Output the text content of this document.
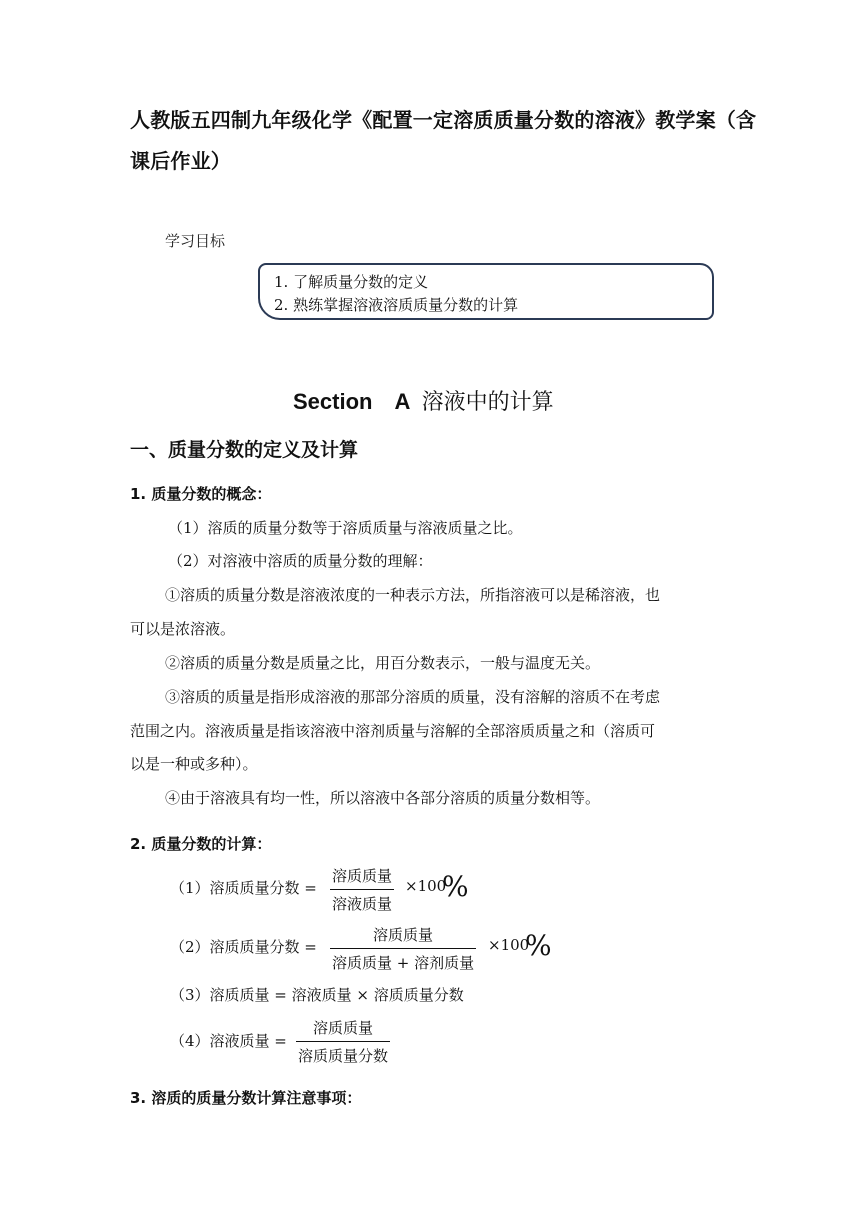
人教版五四制九年级化学《配置一定溶质质量分数的溶液》教学案（含
课后作业）
学习目标
1. 了解质量分数的定义
2. 熟练掌握溶液溶质质量分数的计算
Section　A 溶液中的计算
一、质量分数的定义及计算
1. 质量分数的概念：
（1）溶质的质量分数等于溶质质量与溶液质量之比。
（2）对溶液中溶质的质量分数的理解：
①溶质的质量分数是溶液浓度的一种表示方法，所指溶液可以是稀溶液，也
可以是浓溶液。
②溶质的质量分数是质量之比，用百分数表示，一般与温度无关。
③溶质的质量是指形成溶液的那部分溶质的质量，没有溶解的溶质不在考虑
范围之内。溶液质量是指该溶液中溶剂质量与溶解的全部溶质质量之和（溶质可
以是一种或多种）。
④由于溶液具有均一性，所以溶液中各部分溶质的质量分数相等。
2. 质量分数的计算：
（1）溶质质量分数 =
溶质质量
溶液质量
×100
%
（2）溶质质量分数 =
溶质质量
溶质质量 + 溶剂质量
×100
%
（3）溶质质量 = 溶液质量 × 溶质质量分数
（4）溶液质量 =
溶质质量
溶质质量分数
3. 溶质的质量分数计算注意事项：
